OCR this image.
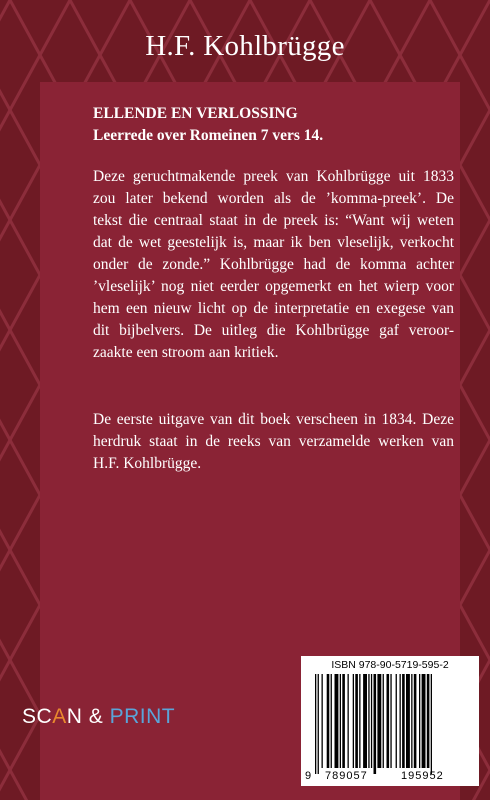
H.F. Kohlbrügge
ELLENDE EN VERLOSSING
Leerrede over Romeinen 7 vers 14.
Deze geruchtmakende preek van Kohlbrügge uit 1833
zou later bekend worden als de ’komma-preek’. De
tekst die centraal staat in de preek is: “Want wij weten
dat de wet geestelijk is, maar ik ben vleselijk, verkocht
onder de zonde.” Kohlbrügge had de komma achter
’vleselijk’ nog niet eerder opgemerkt en het wierp voor
hem een nieuw licht op de interpretatie en exegese van
dit bijbelvers. De uitleg die Kohlbrügge gaf veroor-
zaakte een stroom aan kritiek.
De eerste uitgave van dit boek verscheen in 1834. Deze
herdruk staat in de reeks van verzamelde werken van
H.F. Kohlbrügge.
SCAN & PRINT
ISBN 978-90-5719-595-2
9 789057	195952
